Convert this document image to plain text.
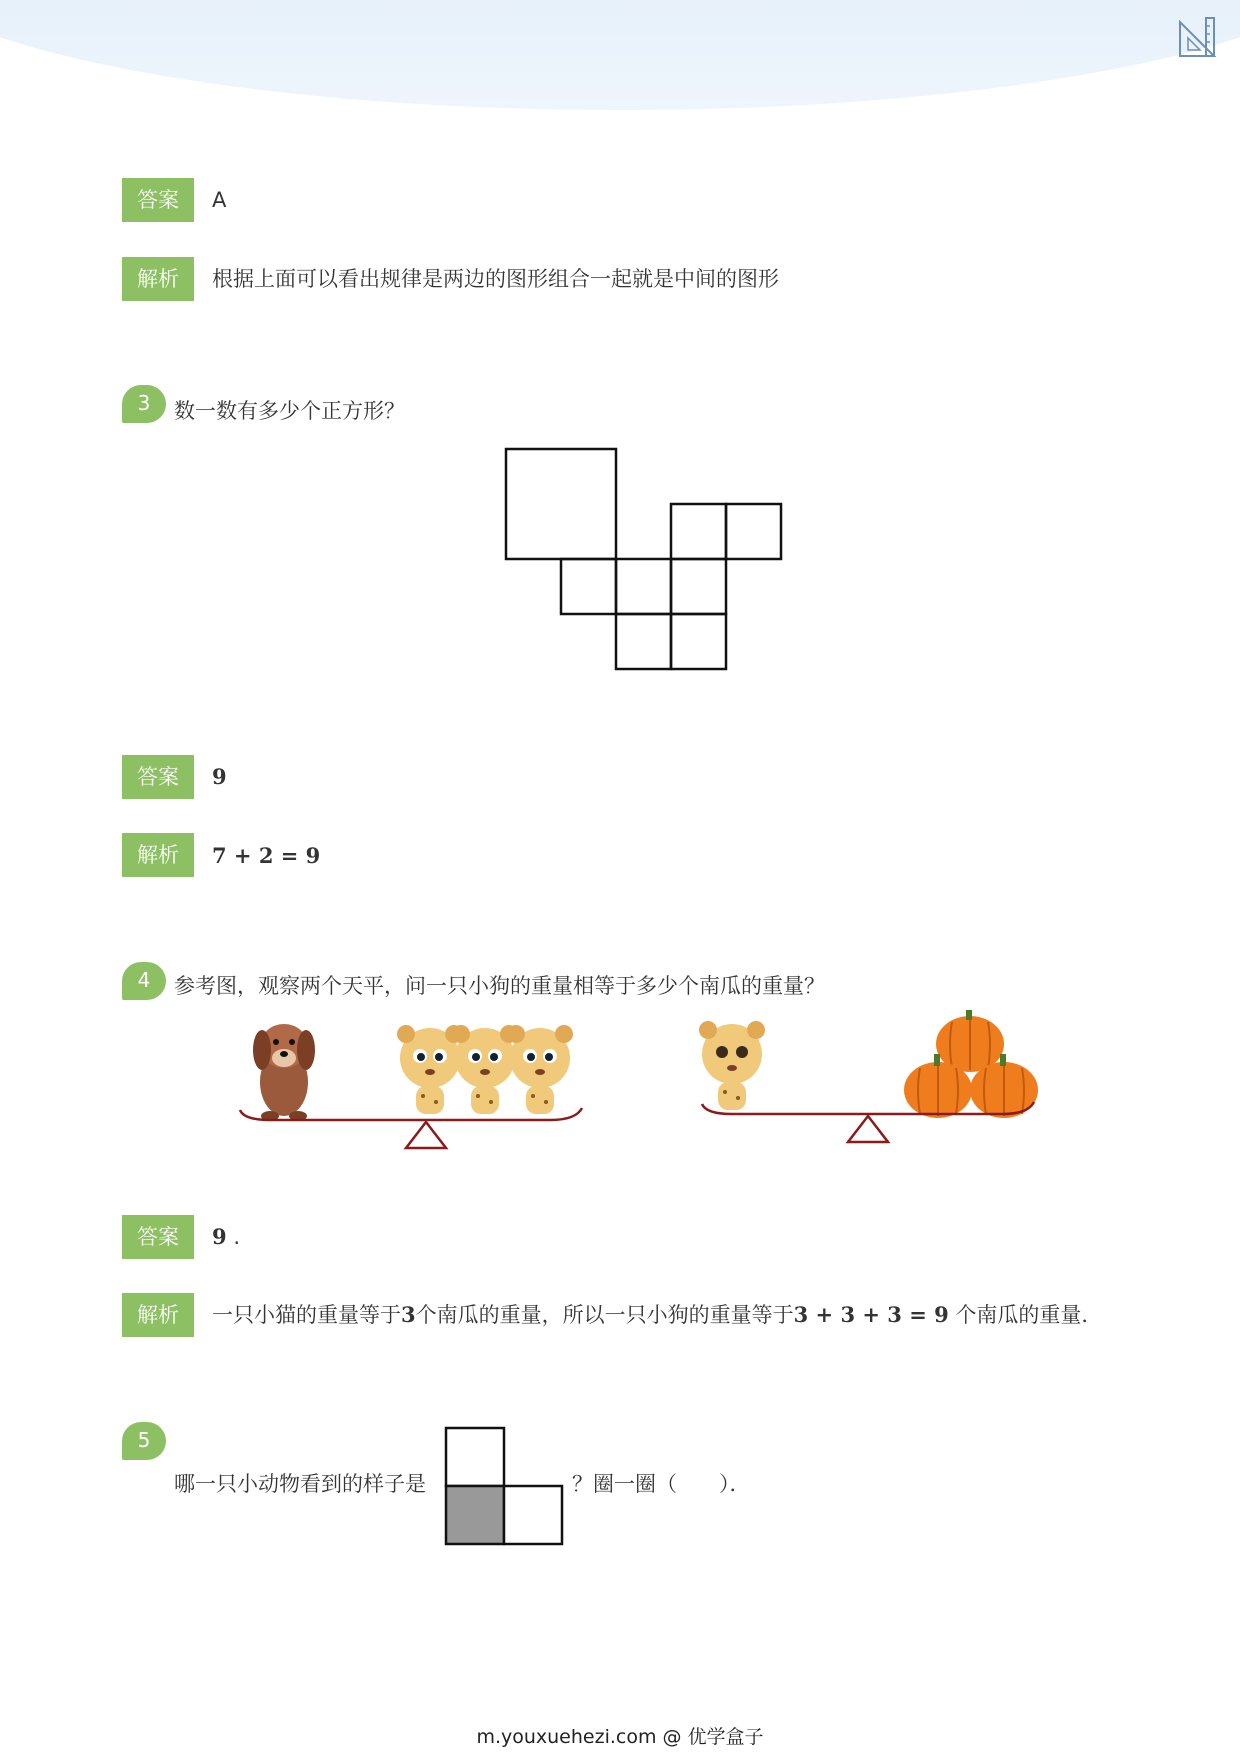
答案	A
解析	根据上面可以看出规律是两边的图形组合一起就是中间的图形
3	数一数有多少个正方形？
答案	9
解析	7 + 2 = 9
4	参考图，观察两个天平，问一只小狗的重量相等于多少个南瓜的重量？
答案	9 .
解析	一只小猫的重量等于3个南瓜的重量，所以一只小狗的重量等于3 + 3 + 3 = 9 个南瓜的重量．
5
哪一只小动物看到的样子是	？圈一圈（　　）．
m.youxuehezi.com @ 优学盒子
